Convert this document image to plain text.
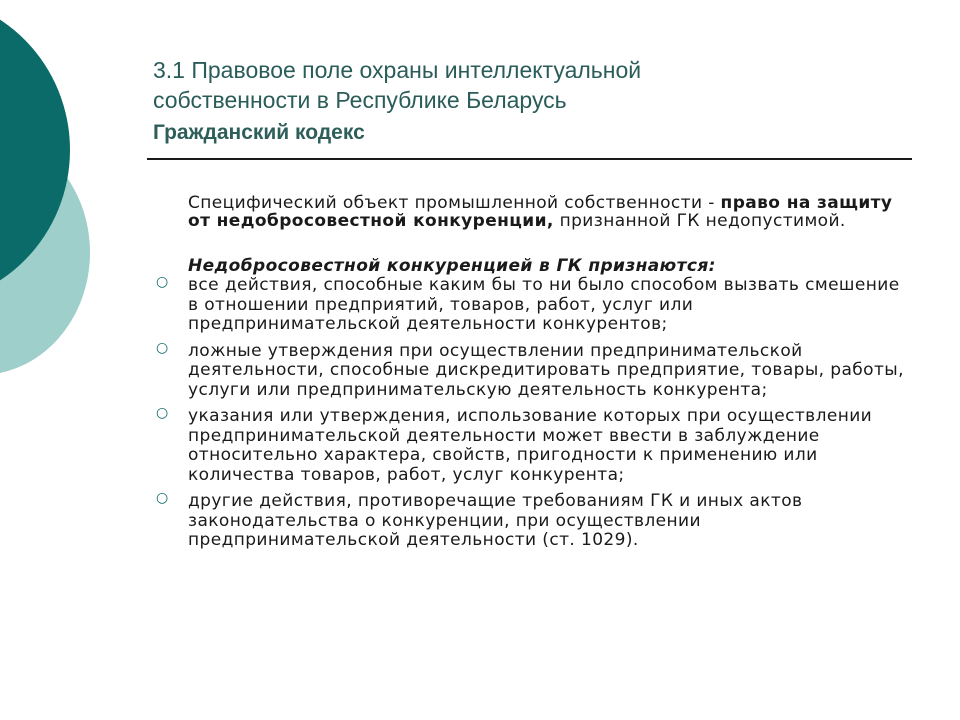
3.1 Правовое поле охраны интеллектуальной
собственности в Республике Беларусь
Гражданский кодекс

Специфический объект промышленной собственности - право на защиту от недобросовестной конкуренции, признанной ГК недопустимой.

Недобросовестной конкуренцией в ГК признаются:

○ все действия, способные каким бы то ни было способом вызвать смешение в отношении предприятий, товаров, работ, услуг или предпринимательской деятельности конкурентов;
○ ложные утверждения при осуществлении предпринимательской деятельности, способные дискредитировать предприятие, товары, работы, услуги или предпринимательскую деятельность конкурента;
○ указания или утверждения, использование которых при осуществлении предпринимательской деятельности может ввести в заблуждение относительно характера, свойств, пригодности к применению или количества товаров, работ, услуг конкурента;
○ другие действия, противоречащие требованиям ГК и иных актов законодательства о конкуренции, при осуществлении предпринимательской деятельности (ст. 1029).
